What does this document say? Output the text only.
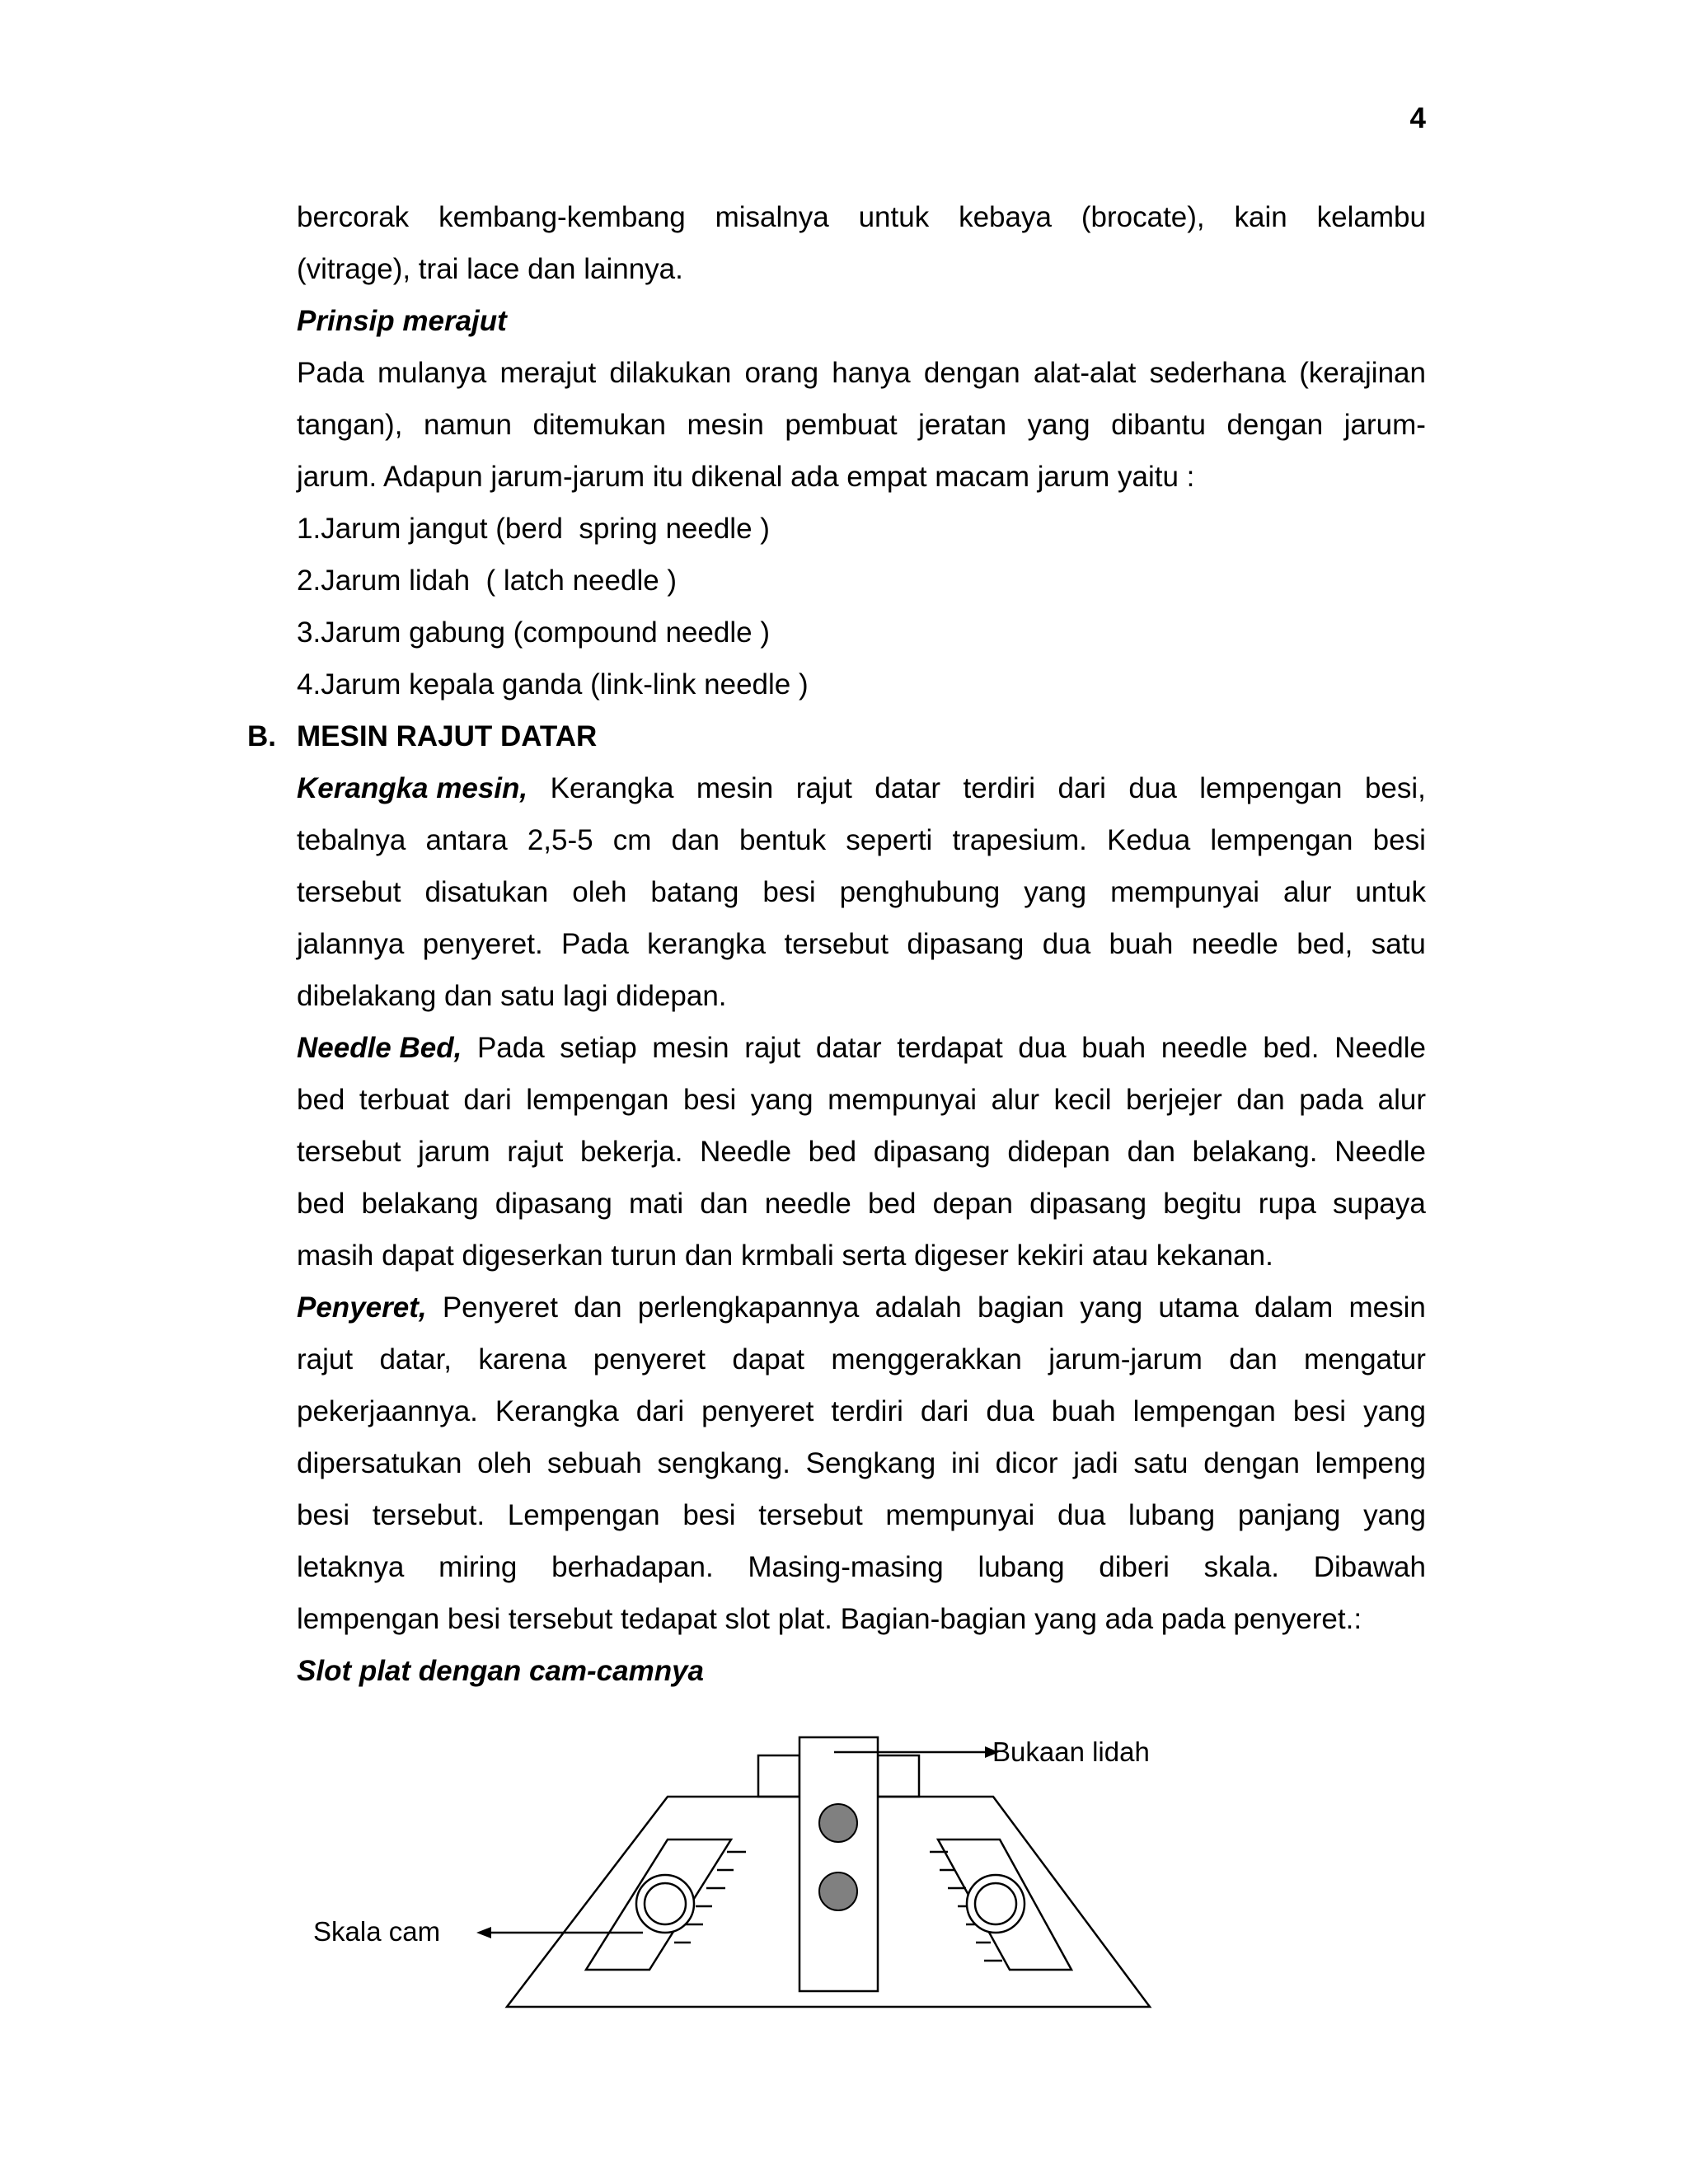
4
bercorak kembang-kembang misalnya untuk kebaya (brocate), kain kelambu
(vitrage), trai lace dan lainnya.
Prinsip merajut
Pada mulanya merajut dilakukan orang hanya dengan alat-alat sederhana (kerajinan
tangan), namun ditemukan mesin pembuat jeratan yang dibantu dengan jarum-
jarum. Adapun jarum-jarum itu dikenal ada empat macam jarum yaitu :
1.Jarum jangut (berd  spring needle )
2.Jarum lidah  ( latch needle )
3.Jarum gabung (compound needle )
4.Jarum kepala ganda (link-link needle )
B. MESIN RAJUT DATAR
Kerangka mesin, Kerangka mesin rajut datar terdiri dari dua lempengan besi,
tebalnya antara 2,5-5 cm dan bentuk seperti trapesium. Kedua lempengan besi
tersebut disatukan oleh batang besi penghubung yang mempunyai alur untuk
jalannya penyeret. Pada kerangka tersebut dipasang dua buah needle bed, satu
dibelakang dan satu lagi didepan.
Needle Bed, Pada setiap mesin rajut datar terdapat dua buah needle bed. Needle
bed terbuat dari lempengan besi yang mempunyai alur kecil berjejer dan pada alur
tersebut jarum rajut bekerja. Needle bed dipasang didepan dan belakang. Needle
bed belakang dipasang mati dan needle bed depan dipasang begitu rupa supaya
masih dapat digeserkan turun dan krmbali serta digeser kekiri atau kekanan.
Penyeret, Penyeret dan perlengkapannya adalah bagian yang utama dalam mesin
rajut datar, karena penyeret dapat menggerakkan jarum-jarum dan mengatur
pekerjaannya. Kerangka dari penyeret terdiri dari dua buah lempengan besi yang
dipersatukan oleh sebuah sengkang. Sengkang ini dicor jadi satu dengan lempeng
besi tersebut. Lempengan besi tersebut mempunyai dua lubang panjang yang
letaknya miring berhadapan. Masing-masing lubang diberi skala. Dibawah
lempengan besi tersebut tedapat slot plat. Bagian-bagian yang ada pada penyeret.:
Slot plat dengan cam-camnya
Bukaan lidah
Skala cam
